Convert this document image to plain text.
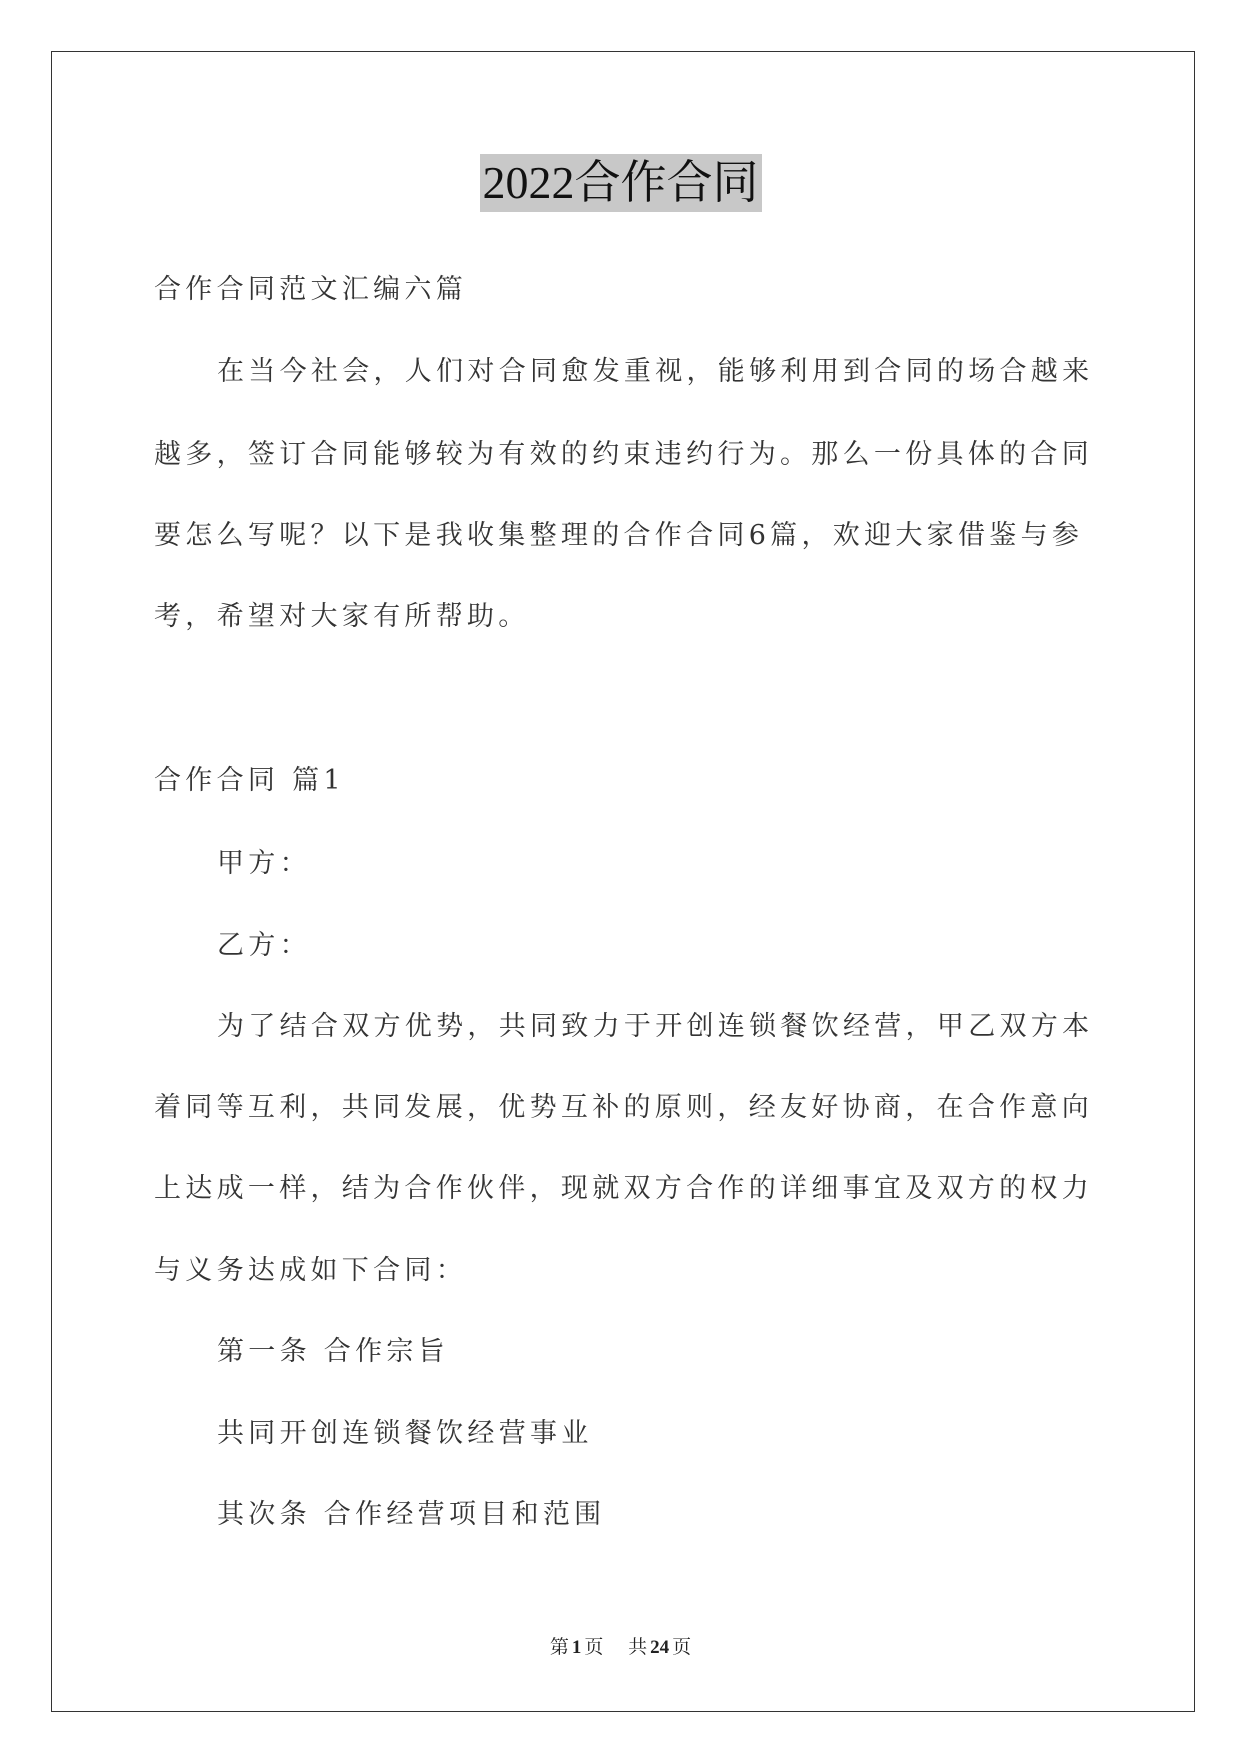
2022合作合同
合作合同范文汇编六篇
在当今社会，人们对合同愈发重视，能够利用到合同的场合越来
越多，签订合同能够较为有效的约束违约行为。那么一份具体的合同
要怎么写呢？以下是我收集整理的合作合同6篇，欢迎大家借鉴与参
考，希望对大家有所帮助。
合作合同 篇1
甲方：
乙方：
为了结合双方优势，共同致力于开创连锁餐饮经营，甲乙双方本
着同等互利，共同发展，优势互补的原则，经友好协商，在合作意向
上达成一样，结为合作伙伴，现就双方合作的详细事宜及双方的权力
与义务达成如下合同：
第一条 合作宗旨
共同开创连锁餐饮经营事业
其次条 合作经营项目和范围
第 1 页 共 24 页
